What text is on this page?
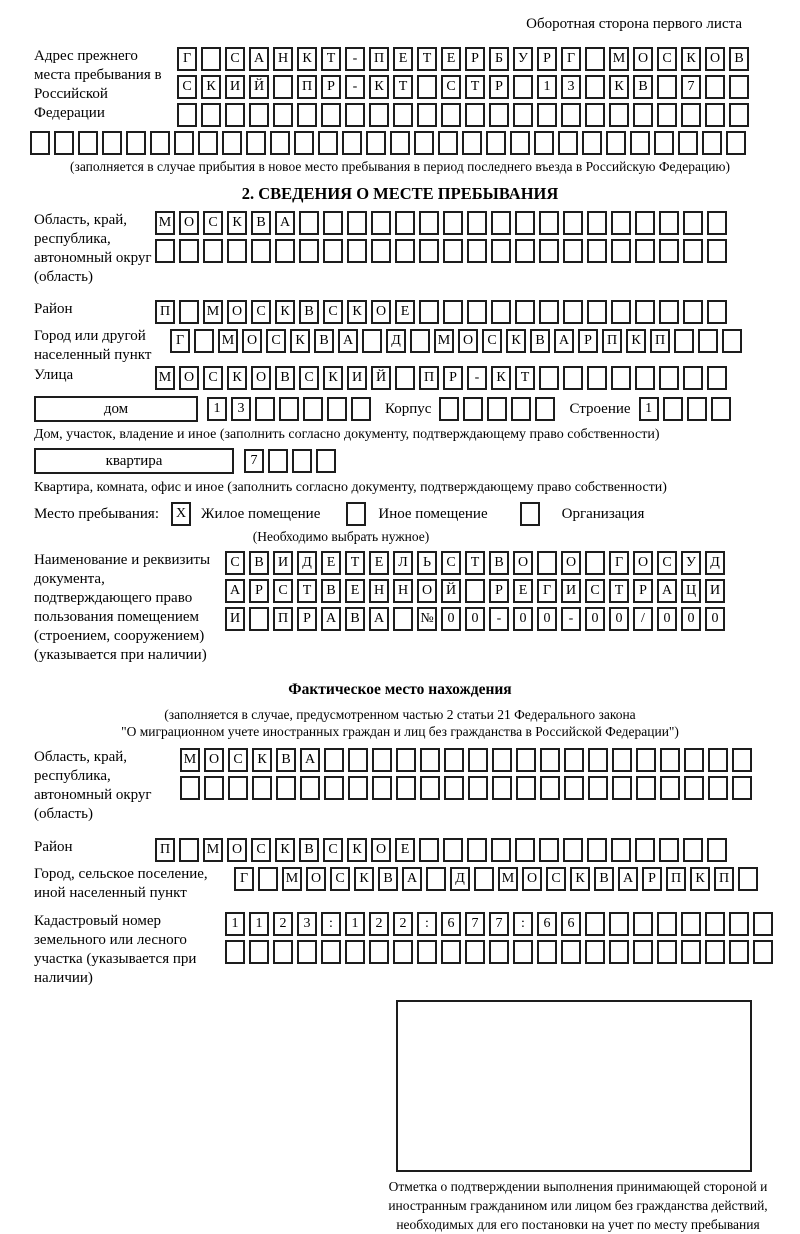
Оборотная сторона первого листа
Адрес прежнего места пребывания в Российской Федерации
Г	С	А Н	К	Т	-	П	Е	Т	Е	Р	Б	У	Р	Г	М О	С	К	О	В
С	К	И Й	П	Р	-	К	Т	С	Т	Р	1	3	К	В	7
(заполняется в случае прибытия в новое место пребывания в период последнего въезда в Российскую Федерацию)
2. СВЕДЕНИЯ О МЕСТЕ ПРЕБЫВАНИЯ
Область, край, республика, автономный округ (область)
М О	С	К	В	А
Район	П	М О	С	К	В	С	К	О	Е
Город или другой населенный пункт
Г	М О	С	К	В	А	Д	М О	С	К	В	А	Р	П	К	П
Улица	М О	С	К	О	В	С	К	И Й	П	Р	-	К	Т
дом	1	3	Корпус	Строение	1
Дом, участок, владение и иное (заполнить согласно документу, подтверждающему право собственности)
квартира	7
Квартира, комната, офис и иное (заполнить согласно документу, подтверждающему право собственности)
Место пребывания:	X Жилое помещение	Иное помещение	Организация
(Необходимо выбрать нужное)
Наименование и реквизиты документа, подтверждающего право пользования помещением (строением, сооружением) (указывается при наличии)
С	В	И	Д	Е	Т	Е	Л	Ь	С	Т	В	О	О	Г	О	С	У	Д
А	Р	С	Т	В	Е	Н Н О Й	Р	Е	Г	И	С	Т	Р	А Ц И
И	П	Р	А	В	А	№ 0	0	-	0	0	-	0	0	/	0	0	0
Фактическое место нахождения
(заполняется в случае, предусмотренном частью 2 статьи 21 Федерального закона
"О миграционном учете иностранных граждан и лиц без гражданства в Российской Федерации")
Область, край, республика, автономный округ (область)
М О	С	К	В	А
Район	П	М О	С	К	В	С	К	О	Е
Город, сельское поселение, иной населенный пункт
Г	М О	С	К	В	А	Д	М О	С	К	В	А	Р	П	К	П
Кадастровый номер земельного или лесного участка (указывается при наличии)
1	1	2	3	:	1	2	2	:	6	7	7	:	6	6
Отметка о подтверждении выполнения принимающей стороной и иностранным гражданином или лицом без гражданства действий, необходимых для его постановки на учет по месту пребывания
